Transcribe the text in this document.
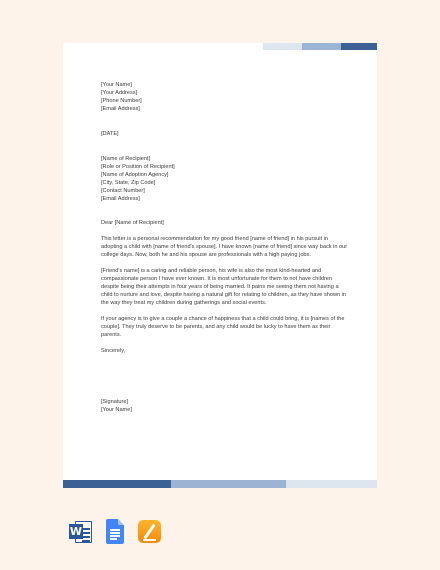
[Your Name]
[Your Address]
[Phone Number]
[Email Address]
[DATE]
[Name of Recipient]
[Role or Position of Recipient]
[Name of Adoption Agency]
[City, State, Zip Code]
[Contact Number]
[Email Address]
Dear [Name of Recipient]
This letter is a personal recommendation for my good friend [name of friend] in his pursuit in
adopting a child with [name of friend's spouse]. I have known [name of friend] since way back in our
college days. Now, both he and his spouse are professionals with a high paying jobs.
[Friend's name] is a caring and reliable person, his wife is also the most kind-hearted and
compassionate person I have ever known. It is most unfortunate for them to not have children
despite being their attempts in four years of being married. It pains me seeing them not having a
child to nurture and love, despite having a natural gift for relating to children, as they have shown in
the way they treat my children during gatherings and social events.
If your agency is to give a couple a chance of happiness that a child could bring, it is [names of the
couple]. They truly deserve to be parents, and any child would be lucky to have them as their
parents.
Sincerely,
[Signature]
[Your Name]
W
